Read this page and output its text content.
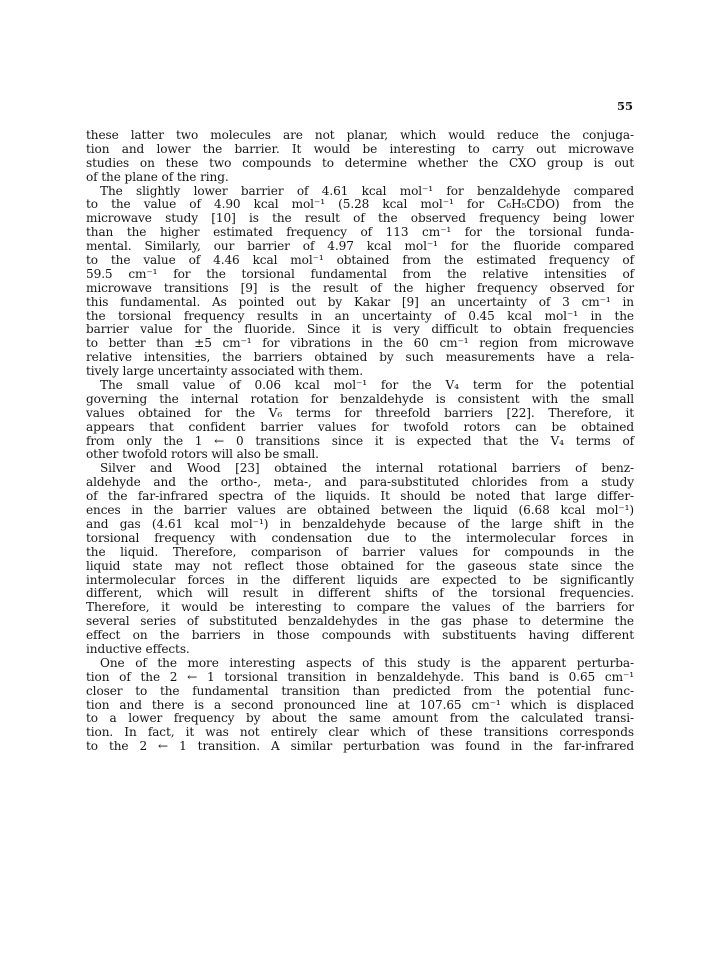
55
these latter two molecules are not planar, which would reduce the conjuga-
tion and lower the barrier. It would be interesting to carry out microwave
studies on these two compounds to determine whether the CXO group is out
of the plane of the ring.
The slightly lower barrier of 4.61 kcal mol⁻¹ for benzaldehyde compared
to the value of 4.90 kcal mol⁻¹ (5.28 kcal mol⁻¹ for C₆H₅CDO) from the
microwave study [10] is the result of the observed frequency being lower
than the higher estimated frequency of 113 cm⁻¹ for the torsional funda-
mental. Similarly, our barrier of 4.97 kcal mol⁻¹ for the fluoride compared
to the value of 4.46 kcal mol⁻¹ obtained from the estimated frequency of
59.5 cm⁻¹ for the torsional fundamental from the relative intensities of
microwave transitions [9] is the result of the higher frequency observed for
this fundamental. As pointed out by Kakar [9] an uncertainty of 3 cm⁻¹ in
the torsional frequency results in an uncertainty of 0.45 kcal mol⁻¹ in the
barrier value for the fluoride. Since it is very difficult to obtain frequencies
to better than ±5 cm⁻¹ for vibrations in the 60 cm⁻¹ region from microwave
relative intensities, the barriers obtained by such measurements have a rela-
tively large uncertainty associated with them.
The small value of 0.06 kcal mol⁻¹ for the V₄ term for the potential
governing the internal rotation for benzaldehyde is consistent with the small
values obtained for the V₆ terms for threefold barriers [22]. Therefore, it
appears that confident barrier values for twofold rotors can be obtained
from only the 1 ← 0 transitions since it is expected that the V₄ terms of
other twofold rotors will also be small.
Silver and Wood [23] obtained the internal rotational barriers of benz-
aldehyde and the ortho-, meta-, and para-substituted chlorides from a study
of the far-infrared spectra of the liquids. It should be noted that large differ-
ences in the barrier values are obtained between the liquid (6.68 kcal mol⁻¹)
and gas (4.61 kcal mol⁻¹) in benzaldehyde because of the large shift in the
torsional frequency with condensation due to the intermolecular forces in
the liquid. Therefore, comparison of barrier values for compounds in the
liquid state may not reflect those obtained for the gaseous state since the
intermolecular forces in the different liquids are expected to be significantly
different, which will result in different shifts of the torsional frequencies.
Therefore, it would be interesting to compare the values of the barriers for
several series of substituted benzaldehydes in the gas phase to determine the
effect on the barriers in those compounds with substituents having different
inductive effects.
One of the more interesting aspects of this study is the apparent perturba-
tion of the 2 ← 1 torsional transition in benzaldehyde. This band is 0.65 cm⁻¹
closer to the fundamental transition than predicted from the potential func-
tion and there is a second pronounced line at 107.65 cm⁻¹ which is displaced
to a lower frequency by about the same amount from the calculated transi-
tion. In fact, it was not entirely clear which of these transitions corresponds
to the 2 ← 1 transition. A similar perturbation was found in the far-infrared
